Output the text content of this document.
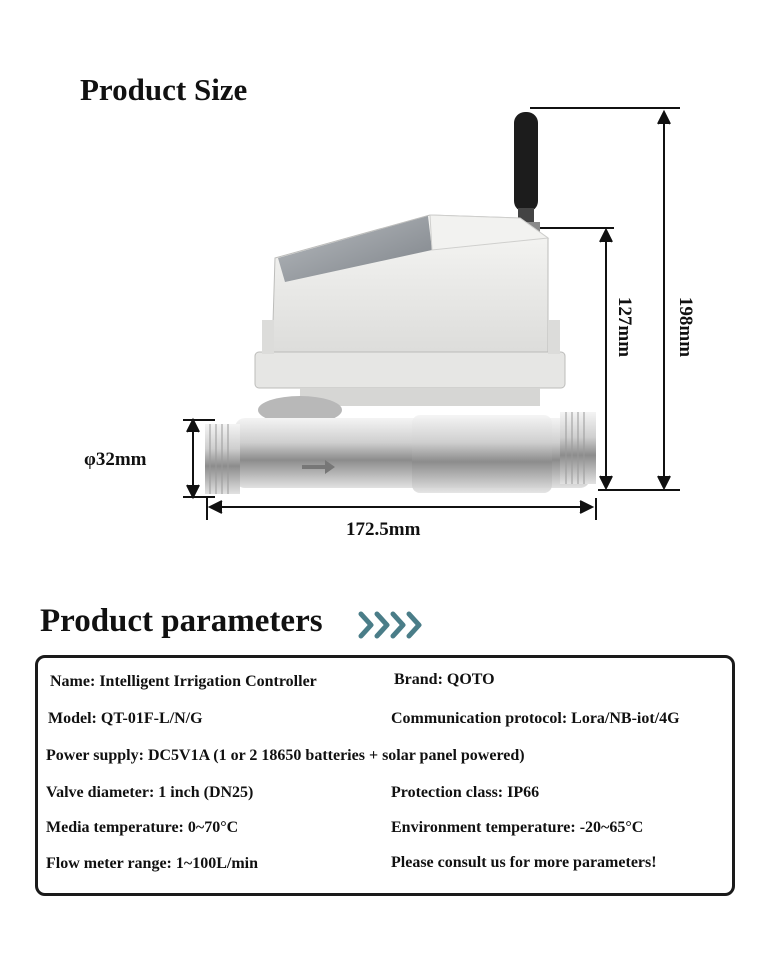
Product Size
φ32mm
172.5mm
127mm 198mm
Product parameters
Name: Intelligent Irrigation Controller	Brand: QOTO
Model: QT-01F-L/N/G	Communication protocol: Lora/NB-iot/4G
Power supply: DC5V1A (1 or 2 18650 batteries + solar panel powered)
Valve diameter: 1 inch (DN25)	Protection class: IP66
Media temperature: 0~70°C	Environment temperature: -20~65°C
Flow meter range: 1~100L/min	Please consult us for more parameters!
